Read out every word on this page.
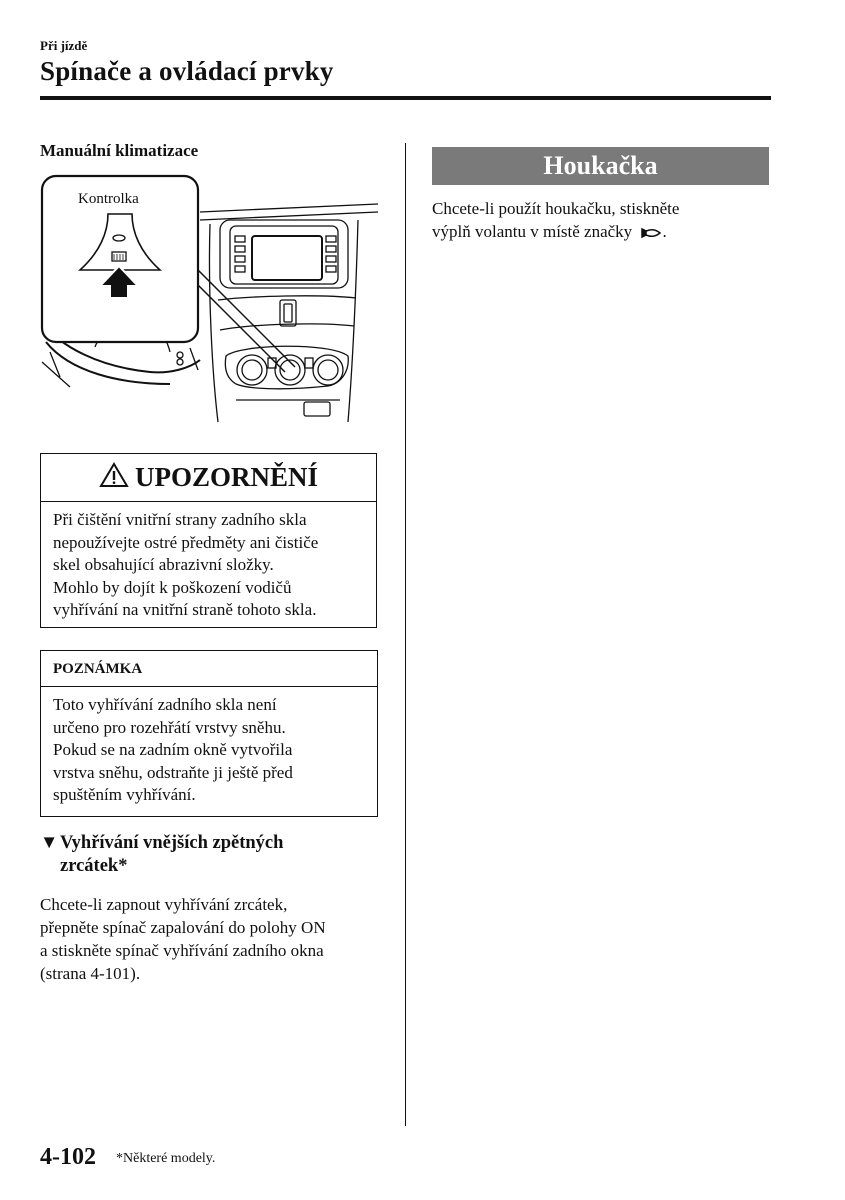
Při jízdě
Spínače a ovládací prvky
Manuální klimatizace
Kontrolka
UPOZORNĚNÍ
Při čištění vnitřní strany zadního skla
nepoužívejte ostré předměty ani čističe
skel obsahující abrazivní složky.
Mohlo by dojít k poškození vodičů
vyhřívání na vnitřní straně tohoto skla.
POZNÁMKA
Toto vyhřívání zadního skla není
určeno pro rozehřátí vrstvy sněhu.
Pokud se na zadním okně vytvořila
vrstva sněhu, odstraňte ji ještě před
spuštěním vyhřívání.
▼Vyhřívání vnějších zpětných
zrcátek*
Chcete-li zapnout vyhřívání zrcátek,
přepněte spínač zapalování do polohy ON
a stiskněte spínač vyhřívání zadního okna
(strana 4-101).
Houkačka
Chcete-li použít houkačku, stiskněte
výplň volantu v místě značky .
4-102 *Některé modely.
